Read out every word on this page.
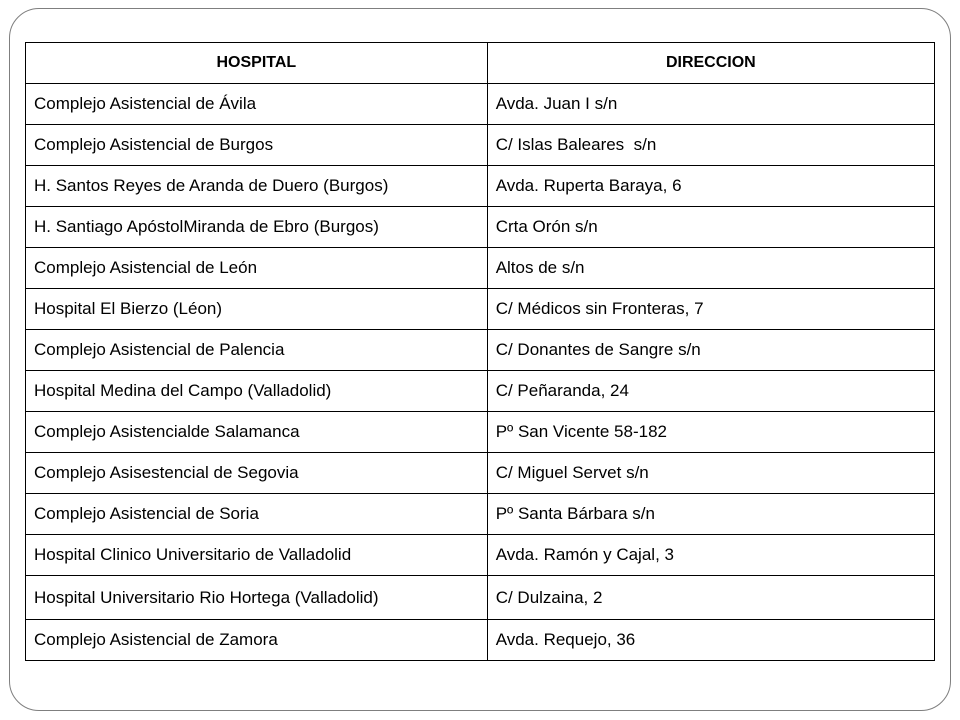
HOSPITAL	DIRECCION
Complejo Asistencial de Ávila	Avda. Juan I s/n
Complejo Asistencial de Burgos	C/ Islas Baleares  s/n
H. Santos Reyes de Aranda de Duero (Burgos)	Avda. Ruperta Baraya, 6
H. Santiago ApóstolMiranda de Ebro (Burgos)	Crta Orón s/n
Complejo Asistencial de León	Altos de s/n
Hospital El Bierzo (Léon)	C/ Médicos sin Fronteras, 7
Complejo Asistencial de Palencia	C/ Donantes de Sangre s/n
Hospital Medina del Campo (Valladolid)	C/ Peñaranda, 24
Complejo Asistencialde Salamanca	Pº San Vicente 58-182
Complejo Asisestencial de Segovia	C/ Miguel Servet s/n
Complejo Asistencial de Soria	Pº Santa Bárbara s/n
Hospital Clinico Universitario de Valladolid	Avda. Ramón y Cajal, 3
Hospital Universitario Rio Hortega (Valladolid)	C/ Dulzaina, 2
Complejo Asistencial de Zamora	Avda. Requejo, 36
